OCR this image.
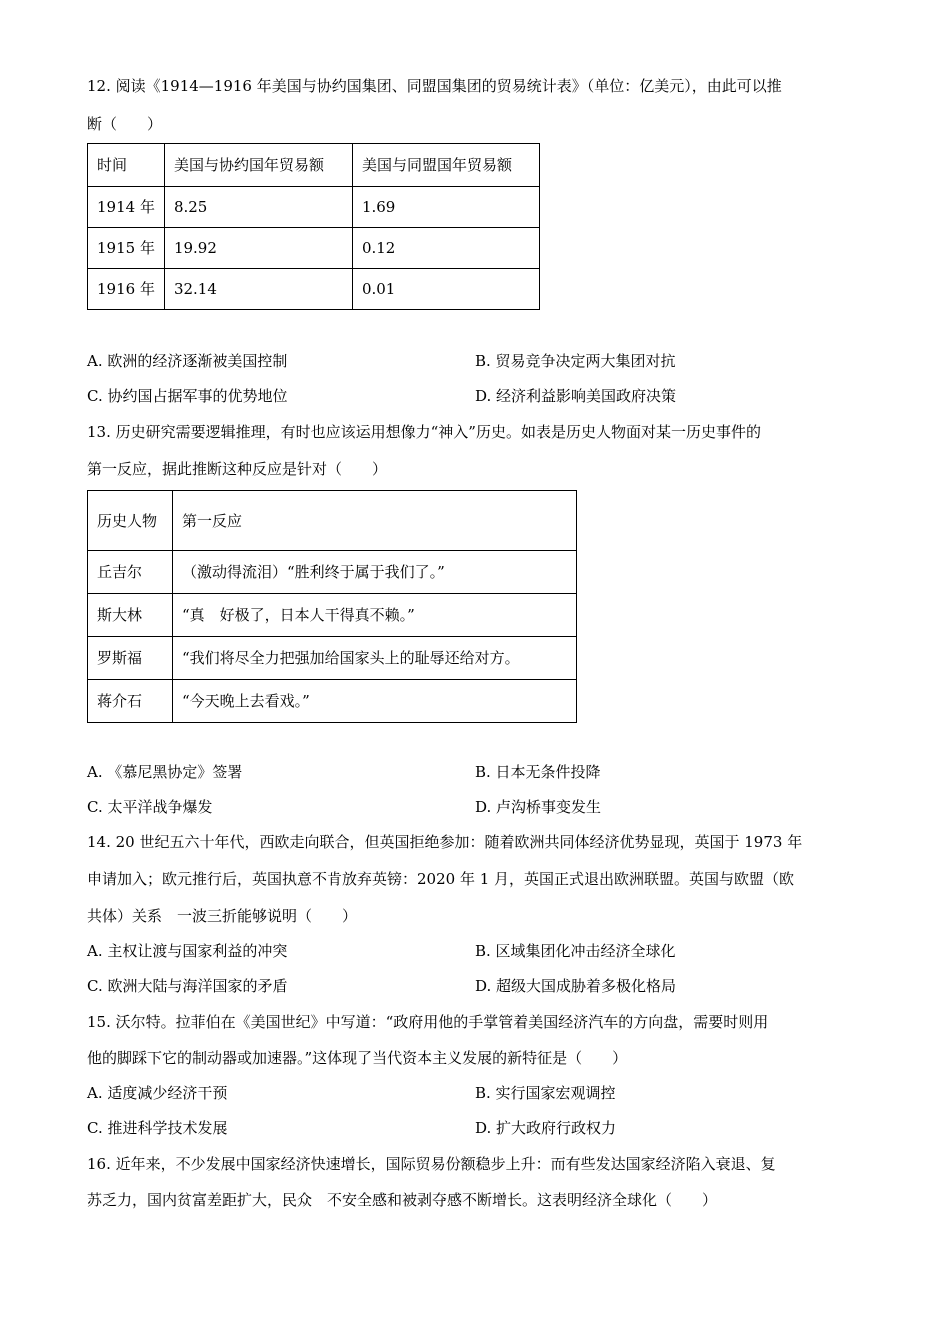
12. 阅读《1914—1916 年美国与协约国集团、同盟国集团的贸易统计表》（单位：亿美元），由此可以推
断（　　）
时间	美国与协约国年贸易额	美国与同盟国年贸易额
1914 年	8.25	1.69
1915 年	19.92	0.12
1916 年	32.14	0.01
A. 欧洲的经济逐渐被美国控制	B. 贸易竞争决定两大集团对抗
C. 协约国占据军事的优势地位	D. 经济利益影响美国政府决策
13. 历史研究需要逻辑推理，有时也应该运用想像力“神入”历史。如表是历史人物面对某一历史事件的
第一反应，据此推断这种反应是针对（　　）
历史人物	第一反应
丘吉尔	（激动得流泪）“胜利终于属于我们了。”
斯大林	“真　好极了，日本人干得真不赖。”
罗斯福	“我们将尽全力把强加给国家头上的耻辱还给对方。
蒋介石	“今天晚上去看戏。”
A. 《慕尼黑协定》签署	B. 日本无条件投降
C. 太平洋战争爆发	D. 卢沟桥事变发生
14. 20 世纪五六十年代，西欧走向联合，但英国拒绝参加：随着欧洲共同体经济优势显现，英国于 1973 年
申请加入；欧元推行后，英国执意不肯放弃英镑：2020 年 1 月，英国正式退出欧洲联盟。英国与欧盟（欧
共体）关系　一波三折能够说明（　　）
A. 主权让渡与国家利益的冲突	B. 区域集团化冲击经济全球化
C. 欧洲大陆与海洋国家的矛盾	D. 超级大国成胁着多极化格局
15. 沃尔特。拉菲伯在《美国世纪》中写道：“政府用他的手掌管着美国经济汽车的方向盘，需要时则用
他的脚踩下它的制动器或加速器。”这体现了当代资本主义发展的新特征是（　　）
A. 适度减少经济干预	B. 实行国家宏观调控
C. 推进科学技术发展	D. 扩大政府行政权力
16. 近年来，不少发展中国家经济快速增长，国际贸易份额稳步上升：而有些发达国家经济陷入衰退、复
苏乏力，国内贫富差距扩大，民众　不安全感和被剥夺感不断增长。这表明经济全球化（　　）
